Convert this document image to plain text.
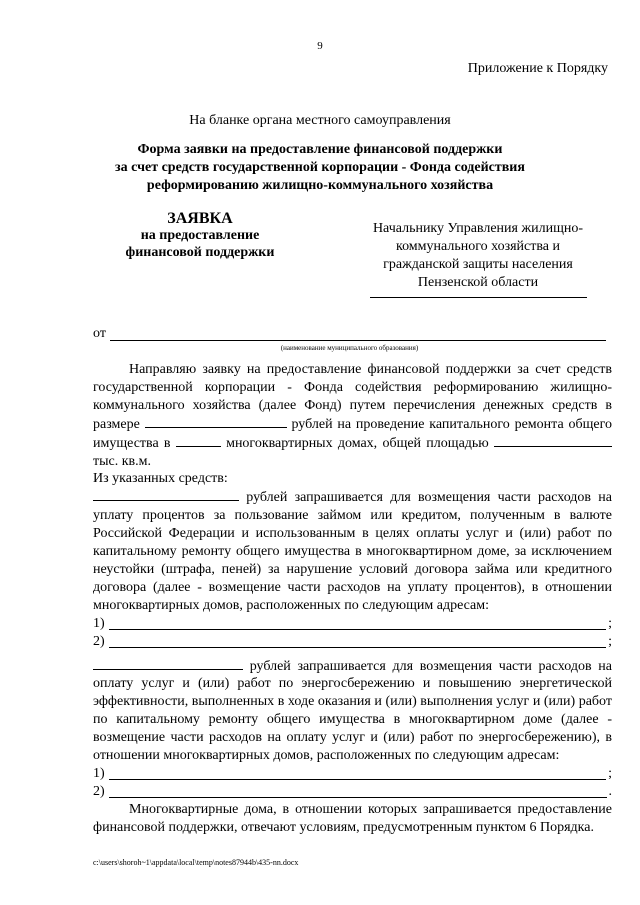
9
Приложение к Порядку
На бланке органа местного самоуправления
Форма заявки на предоставление финансовой поддержки
за счет средств государственной корпорации - Фонда содействия
реформированию жилищно-коммунального хозяйства
ЗАЯВКА
на предоставление
финансовой поддержки
Начальнику Управления жилищно-
коммунального хозяйства и
гражданской защиты населения
Пензенской области
от
(наименование муниципального образования)

Направляю заявку на предоставление финансовой поддержки за счет средств государственной корпорации - Фонда содействия реформированию жилищно-коммунального хозяйства (далее Фонд) путем перечисления денежных средств в размере	рублей на проведение капитального ремонта общего имущества в	многоквартирных домах, общей площадью  тыс. кв.м.

Из указанных средств:

рублей запрашивается для возмещения части расходов на уплату процентов за пользование займом или кредитом, полученным в валюте Российской Федерации и использованным в целях оплаты услуг и (или) работ по капитальному ремонту общего имущества в многоквартирном доме, за исключением неустойки (штрафа, пеней) за нарушение условий договора займа или кредитного договора (далее - возмещение части расходов на уплату процентов), в отношении многоквартирных домов, расположенных по следующим адресам:

1)	;
2)	;

рублей запрашивается для возмещения части расходов на оплату услуг и (или) работ по энергосбережению и повышению энергетической эффективности, выполненных в ходе оказания и (или) выполнения услуг и (или) работ по капитальному ремонту общего имущества в многоквартирном доме (далее - возмещение части расходов на оплату услуг и (или) работ по энергосбережению), в отношении многоквартирных домов, расположенных по следующим адресам:

1)	;
2)	.

Многоквартирные дома, в отношении которых запрашивается предоставление финансовой поддержки, отвечают условиям, предусмотренным пунктом 6 Порядка.

c:\users\shoroh~1\appdata\local\temp\notes87944b\435-nn.docx
